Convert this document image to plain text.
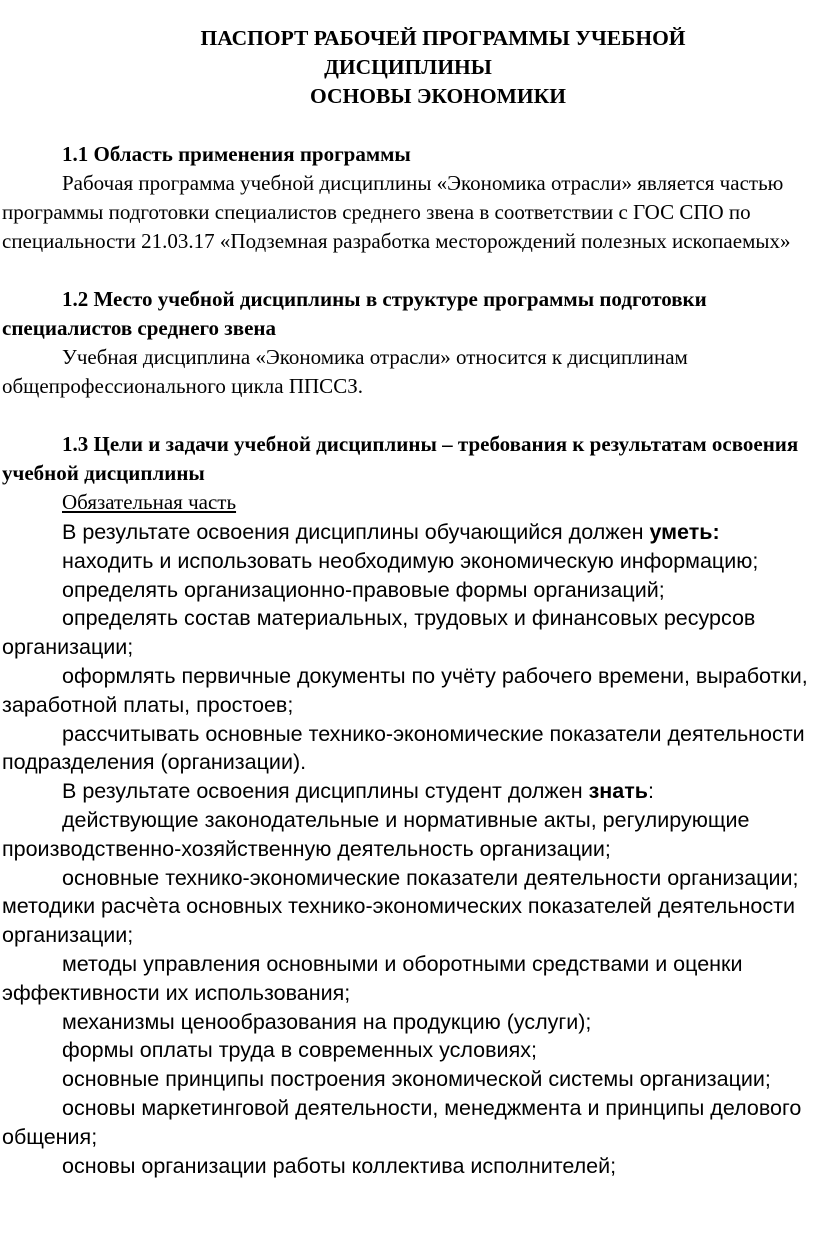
ПАСПОРТ РАБОЧЕЙ ПРОГРАММЫ УЧЕБНОЙ
ДИСЦИПЛИНЫ
ОСНОВЫ ЭКОНОМИКИ

1.1 Область применения программы

Рабочая программа учебной дисциплины «Экономика отрасли» является частью программы подготовки специалистов среднего звена в соответствии с ГОС СПО по специальности 21.03.17 «Подземная разработка месторождений полезных ископаемых»

1.2 Место учебной дисциплины в структуре программы подготовки специалистов среднего звена

Учебная дисциплина «Экономика отрасли» относится к дисциплинам общепрофессионального цикла ППССЗ.

1.3 Цели и задачи учебной дисциплины – требования к результатам освоения учебной дисциплины

Обязательная часть

В результате освоения дисциплины обучающийся должен уметь:

находить и использовать необходимую экономическую информацию;

определять организационно-правовые формы организаций;

определять состав материальных, трудовых и финансовых ресурсов организации;

оформлять первичные документы по учёту рабочего времени, выработки, заработной платы, простоев;

рассчитывать основные технико-экономические показатели деятельности подразделения (организации).

В результате освоения дисциплины студент должен знать:

действующие законодательные и нормативные акты, регулирующие производственно-хозяйственную деятельность организации;

основные технико-экономические показатели деятельности организации; методики расчѐта основных технико-экономических показателей деятельности организации;

методы управления основными и оборотными средствами и оценки эффективности их использования;

механизмы ценообразования на продукцию (услуги);

формы оплаты труда в современных условиях;

основные принципы построения экономической системы организации;

основы маркетинговой деятельности, менеджмента и принципы делового общения;

основы организации работы коллектива исполнителей;
